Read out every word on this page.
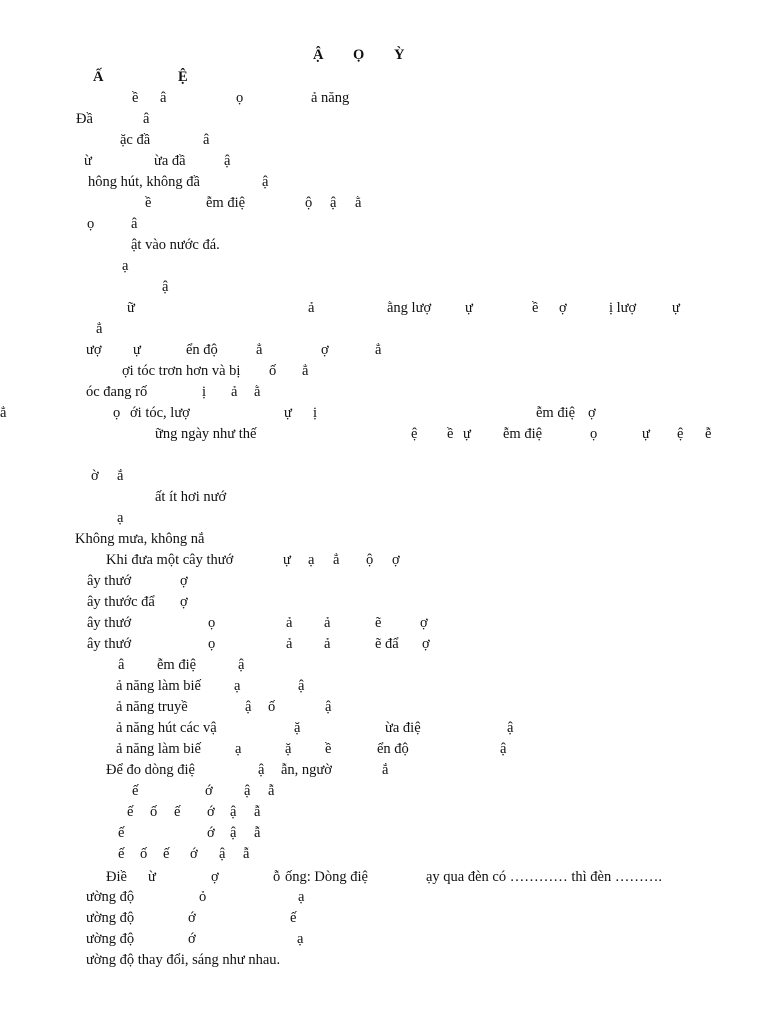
Ậ Ọ Ỳ
Ấ	Ệ
ề â	ọ	ả năng
Đầ	â
ặc đầ	â
ừ	ừa đầ	ậ
hông hút, không đầ	ậ
ề	ễm điệ	ộ ậ ằ
ọ	â
ật vào nước đá.
ạ
ậ
ữ	ả	ằng lượ ự	ề ợ	ị lượ ự
ẳ
ượ ự	ển độ	ẳ	ợ	ẳ
ợi tóc trơn hơn và bị ố ẳ
óc đang rố	ị ả ằ
ọ ới tóc, lượ	ự ị	ễm điệ ợ
ẳ
ững ngày như thế	ệ ề ự ễm điệ	ọ	ự ệ ễ
ờ ắ
ất ít hơi nướ
ạ
Không mưa, không nắ
Khi đưa một cây thướ	ự ạ ẳ ộ ợ
ây thướ	ợ
ây thước đẩ ợ
ây thướ	ọ	ả ả	ẽ	ợ
ây thướ	ọ	ả ả	ẽ đẩ ợ
â ễm điệ	ậ
ả năng làm biế ạ	ậ
ả năng truyề	ậ ố	ậ
ả năng hút các vậ	ặ	ừa điệ	ậ
ả năng làm biế ạ	ặ ề	ển độ	ậ
Để đo dòng điệ	ậ ẫn, ngườ	ắ
ế	ớ ậ ẫ
ế ố ế ớ ậ ẫ
ế	ớ ậ ẫ
ế ố ế ớ ậ ẫ
Điề ừ	ợ	ỗ ống: Dòng điệ	ạy qua đèn có ………… thì đèn ……….
ường độ	ỏ	ạ
ường độ	ớ	ế
ường độ	ớ	ạ
ường độ thay đổi, sáng như nhau.
